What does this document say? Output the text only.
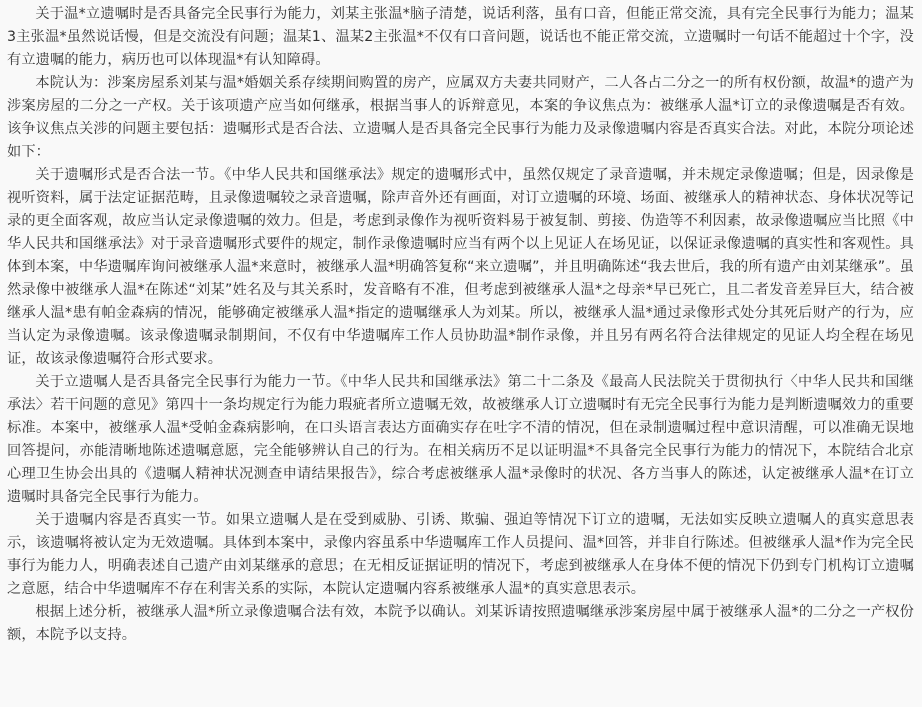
关于温*立遗嘱时是否具备完全民事行为能力，刘某主张温*脑子清楚，说话利落，虽有口音，但能正常交流，具有完全民事行为能力；温某3主张温*虽然说话慢，但是交流没有问题；温某1、温某2主张温*不仅有口音问题，说话也不能正常交流，立遗嘱时一句话不能超过十个字，没有立遗嘱的能力，病历也可以体现温*有认知障碍。

本院认为：涉案房屋系刘某与温*婚姻关系存续期间购置的房产，应属双方夫妻共同财产，二人各占二分之一的所有权份额，故温*的遗产为涉案房屋的二分之一产权。关于该项遗产应当如何继承，根据当事人的诉辩意见，本案的争议焦点为：被继承人温*订立的录像遗嘱是否有效。该争议焦点关涉的问题主要包括：遗嘱形式是否合法、立遗嘱人是否具备完全民事行为能力及录像遗嘱内容是否真实合法。对此，本院分项论述如下：

关于遗嘱形式是否合法一节。《中华人民共和国继承法》规定的遗嘱形式中，虽然仅规定了录音遗嘱，并未规定录像遗嘱；但是，因录像是视听资料，属于法定证据范畴，且录像遗嘱较之录音遗嘱，除声音外还有画面，对订立遗嘱的环境、场面、被继承人的精神状态、身体状况等记录的更全面客观，故应当认定录像遗嘱的效力。但是，考虑到录像作为视听资料易于被复制、剪接、伪造等不利因素，故录像遗嘱应当比照《中华人民共和国继承法》对于录音遗嘱形式要件的规定，制作录像遗嘱时应当有两个以上见证人在场见证，以保证录像遗嘱的真实性和客观性。具体到本案，中华遗嘱库询问被继承人温*来意时，被继承人温*明确答复称“来立遗嘱”，并且明确陈述“我去世后，我的所有遗产由刘某继承”。虽然录像中被继承人温*在陈述“刘某”姓名及与其关系时，发音略有不准，但考虑到被继承人温*之母亲*早已死亡，且二者发音差异巨大，结合被继承人温*患有帕金森病的情况，能够确定被继承人温*指定的遗嘱继承人为刘某。所以，被继承人温*通过录像形式处分其死后财产的行为，应当认定为录像遗嘱。该录像遗嘱录制期间，不仅有中华遗嘱库工作人员协助温*制作录像，并且另有两名符合法律规定的见证人均全程在场见证，故该录像遗嘱符合形式要求。

关于立遗嘱人是否具备完全民事行为能力一节。《中华人民共和国继承法》第二十二条及《最高人民法院关于贯彻执行〈中华人民共和国继承法〉若干问题的意见》第四十一条均规定行为能力瑕疵者所立遗嘱无效，故被继承人订立遗嘱时有无完全民事行为能力是判断遗嘱效力的重要标准。本案中，被继承人温*受帕金森病影响，在口头语言表达方面确实存在吐字不清的情况，但在录制遗嘱过程中意识清醒，可以准确无误地回答提问，亦能清晰地陈述遗嘱意愿，完全能够辨认自己的行为。在相关病历不足以证明温*不具备完全民事行为能力的情况下，本院结合北京心理卫生协会出具的《遗嘱人精神状况测查申请结果报告》，综合考虑被继承人温*录像时的状况、各方当事人的陈述，认定被继承人温*在订立遗嘱时具备完全民事行为能力。

关于遗嘱内容是否真实一节。如果立遗嘱人是在受到威胁、引诱、欺骗、强迫等情况下订立的遗嘱，无法如实反映立遗嘱人的真实意思表示，该遗嘱将被认定为无效遗嘱。具体到本案中，录像内容虽系中华遗嘱库工作人员提问、温*回答，并非自行陈述。但被继承人温*作为完全民事行为能力人，明确表述自己遗产由刘某继承的意思；在无相反证据证明的情况下，考虑到被继承人在身体不便的情况下仍到专门机构订立遗嘱之意愿，结合中华遗嘱库不存在利害关系的实际，本院认定遗嘱内容系被继承人温*的真实意思表示。

根据上述分析，被继承人温*所立录像遗嘱合法有效，本院予以确认。刘某诉请按照遗嘱继承涉案房屋中属于被继承人温*的二分之一产权份额，本院予以支持。
